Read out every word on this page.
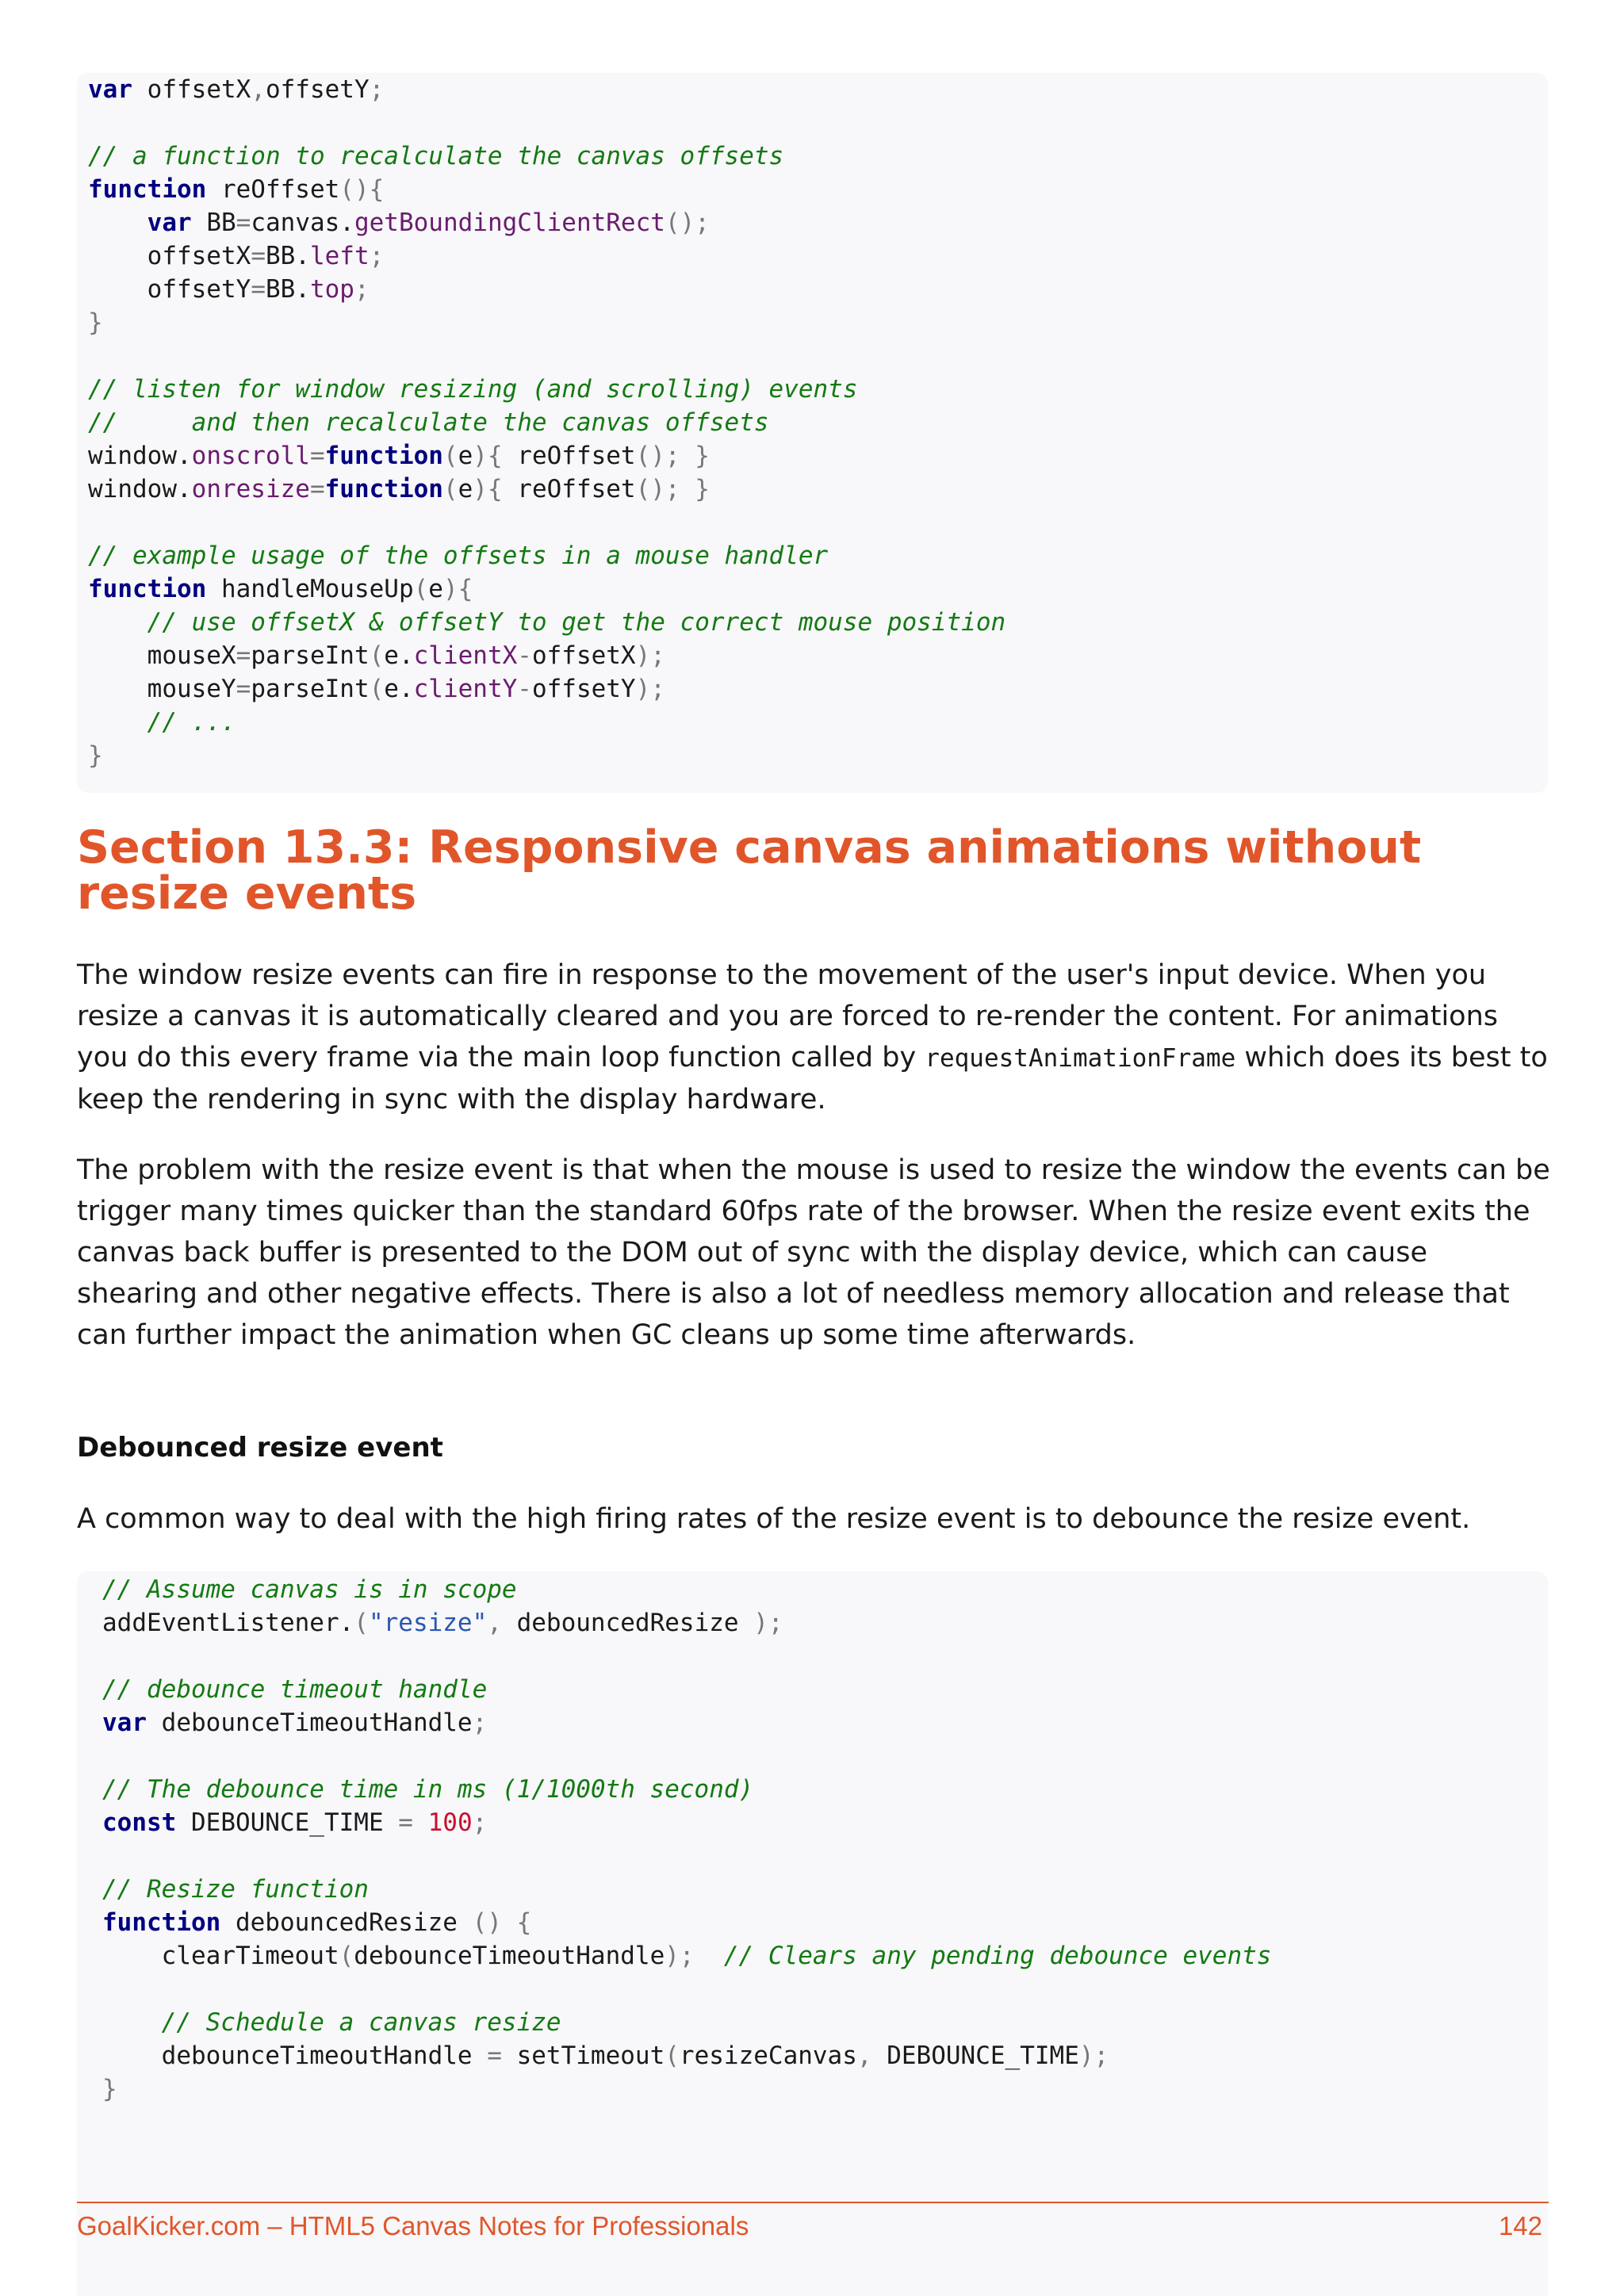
var offsetX,offsetY;
// a function to recalculate the canvas offsets
function reOffset(){
var BB=canvas.getBoundingClientRect();
offsetX=BB.left;
offsetY=BB.top;
}
// listen for window resizing (and scrolling) events
//     and then recalculate the canvas offsets
window.onscroll=function(e){ reOffset(); }
window.onresize=function(e){ reOffset(); }
// example usage of the offsets in a mouse handler
function handleMouseUp(e){
// use offsetX & offsetY to get the correct mouse position
mouseX=parseInt(e.clientX-offsetX);
mouseY=parseInt(e.clientY-offsetY);
// ...
}
Section 13.3: Responsive canvas animations without resize events

The window resize events can fire in response to the movement of the user's input device. When you resize a canvas it is automatically cleared and you are forced to re-render the content. For animations you do this every frame via the main loop function called by requestAnimationFrame which does its best to keep the rendering in sync with the display hardware.

The problem with the resize event is that when the mouse is used to resize the window the events can be trigger many times quicker than the standard 60fps rate of the browser. When the resize event exits the canvas back buffer is presented to the DOM out of sync with the display device, which can cause shearing and other negative effects. There is also a lot of needless memory allocation and release that can further impact the animation when GC cleans up some time afterwards.

Debounced resize event

A common way to deal with the high firing rates of the resize event is to debounce the resize event.

// Assume canvas is in scope
addEventListener.("resize", debouncedResize );
// debounce timeout handle
var debounceTimeoutHandle;
// The debounce time in ms (1/1000th second)
const DEBOUNCE_TIME = 100;
// Resize function
function debouncedResize () {
clearTimeout(debounceTimeoutHandle); // Clears any pending debounce events
// Schedule a canvas resize
debounceTimeoutHandle = setTimeout(resizeCanvas, DEBOUNCE_TIME);
}
GoalKicker.com – HTML5 Canvas Notes for Professionals	142
